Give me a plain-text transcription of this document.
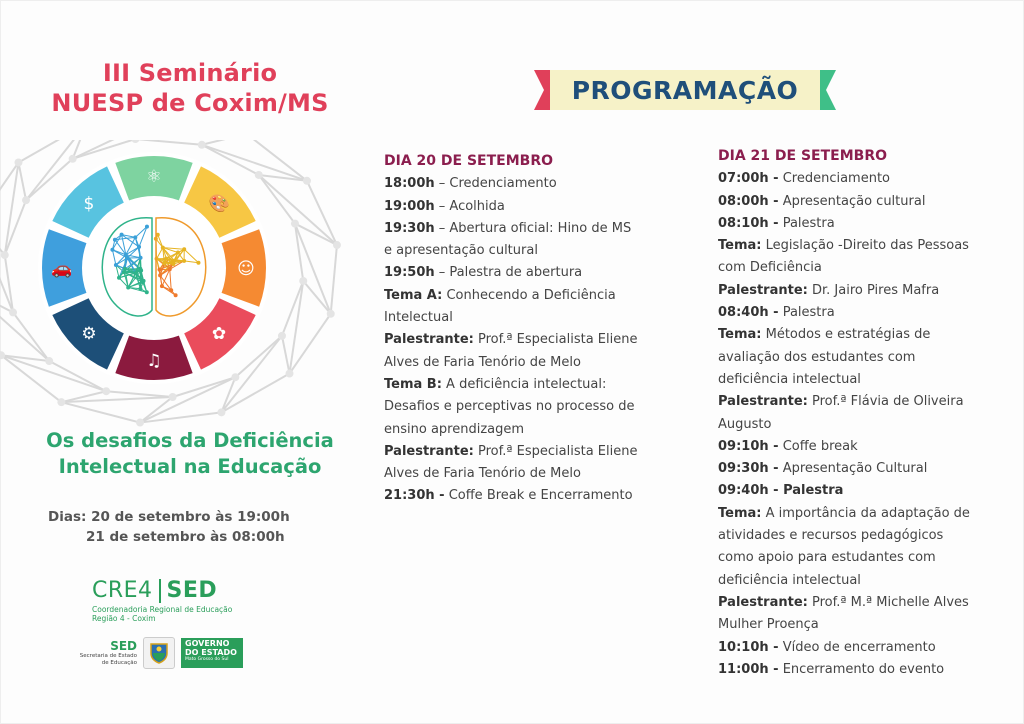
III Seminário
NUESP de Coxim/MS
⚛
🎨
☺
✿
♫
⚙
🚗
$
Os desafios da Deficiência
Intelectual na Educação
Dias: 20 de setembro às 19:00h
21 de setembro às 08:00h
CRE4 SED
Coordenadoria Regional de Educação
Região 4 - Coxim
SED
Secretaria de Estado
de Educação
GOVERNO
DO ESTADO
Mato Grosso do Sul
PROGRAMAÇÃO
DIA 20 DE SETEMBRO
18:00h – Credenciamento
19:00h – Acolhida
19:30h – Abertura oficial: Hino de MS
e apresentação cultural
19:50h – Palestra de abertura
Tema A: Conhecendo a Deficiência
Intelectual
Palestrante: Prof.ª Especialista Eliene
Alves de Faria Tenório de Melo
Tema B: A deficiência intelectual:
Desafios e perceptivas no processo de
ensino aprendizagem
Palestrante: Prof.ª Especialista Eliene
Alves de Faria Tenório de Melo
21:30h - Coffe Break e Encerramento
DIA 21 DE SETEMBRO
07:00h - Credenciamento
08:00h - Apresentação cultural
08:10h - Palestra
Tema: Legislação -Direito das Pessoas
com Deficiência
Palestrante: Dr. Jairo Pires Mafra
08:40h - Palestra
Tema: Métodos e estratégias de
avaliação dos estudantes com
deficiência intelectual
Palestrante: Prof.ª Flávia de Oliveira
Augusto
09:10h - Coffe break
09:30h - Apresentação Cultural
09:40h - Palestra
Tema: A importância da adaptação de
atividades e recursos pedagógicos
como apoio para estudantes com
deficiência intelectual
Palestrante: Prof.ª M.ª Michelle Alves
Mulher Proença
10:10h - Vídeo de encerramento
11:00h - Encerramento do evento
